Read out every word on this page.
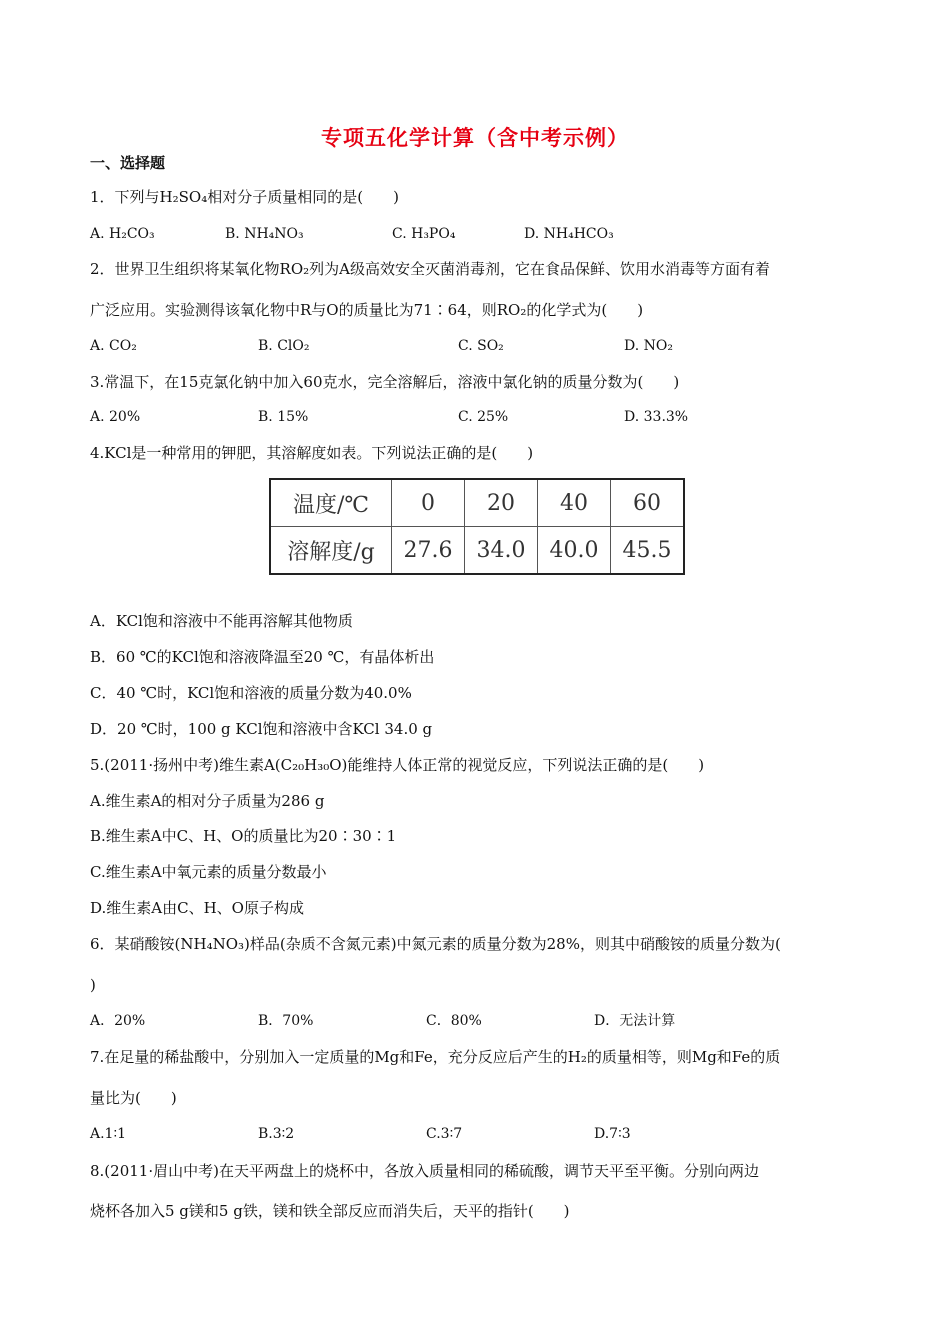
专项五化学计算（含中考示例）
一、选择题
1．下列与H₂SO₄相对分子质量相同的是(　　)
A. H₂CO₃	B. NH₄NO₃	C. H₃PO₄	D. NH₄HCO₃
2．世界卫生组织将某氧化物RO₂列为A级高效安全灭菌消毒剂，它在食品保鲜、饮用水消毒等方面有着
广泛应用。实验测得该氧化物中R与O的质量比为71∶64，则RO₂的化学式为(　　)
A. CO₂	B. ClO₂	C. SO₂	D. NO₂
3.常温下，在15克氯化钠中加入60克水，完全溶解后，溶液中氯化钠的质量分数为(　　)
A. 20%	B. 15%	C. 25%	D. 33.3%
4.KCl是一种常用的钾肥，其溶解度如表。下列说法正确的是(　　)
温度/℃	0	20	40	60
溶解度/g	27.6	34.0	40.0	45.5
A．KCl饱和溶液中不能再溶解其他物质
B．60 ℃的KCl饱和溶液降温至20 ℃，有晶体析出
C．40 ℃时，KCl饱和溶液的质量分数为40.0%
D．20 ℃时，100 g KCl饱和溶液中含KCl 34.0 g
5.(2011·扬州中考)维生素A(C₂₀H₃₀O)能维持人体正常的视觉反应，下列说法正确的是(　　)
A.维生素A的相对分子质量为286 g
B.维生素A中C、H、O的质量比为20∶30∶1
C.维生素A中氧元素的质量分数最小
D.维生素A由C、H、O原子构成
6．某硝酸铵(NH₄NO₃)样品(杂质不含氮元素)中氮元素的质量分数为28%，则其中硝酸铵的质量分数为(
)
A．20%	B．70%	C．80%	D．无法计算
7.在足量的稀盐酸中，分别加入一定质量的Mg和Fe，充分反应后产生的H₂的质量相等，则Mg和Fe的质
量比为(　　)
A.1∶1	B.3∶2	C.3∶7	D.7∶3
8.(2011·眉山中考)在天平两盘上的烧杯中，各放入质量相同的稀硫酸，调节天平至平衡。分别向两边
烧杯各加入5 g镁和5 g铁，镁和铁全部反应而消失后，天平的指针(　　)
